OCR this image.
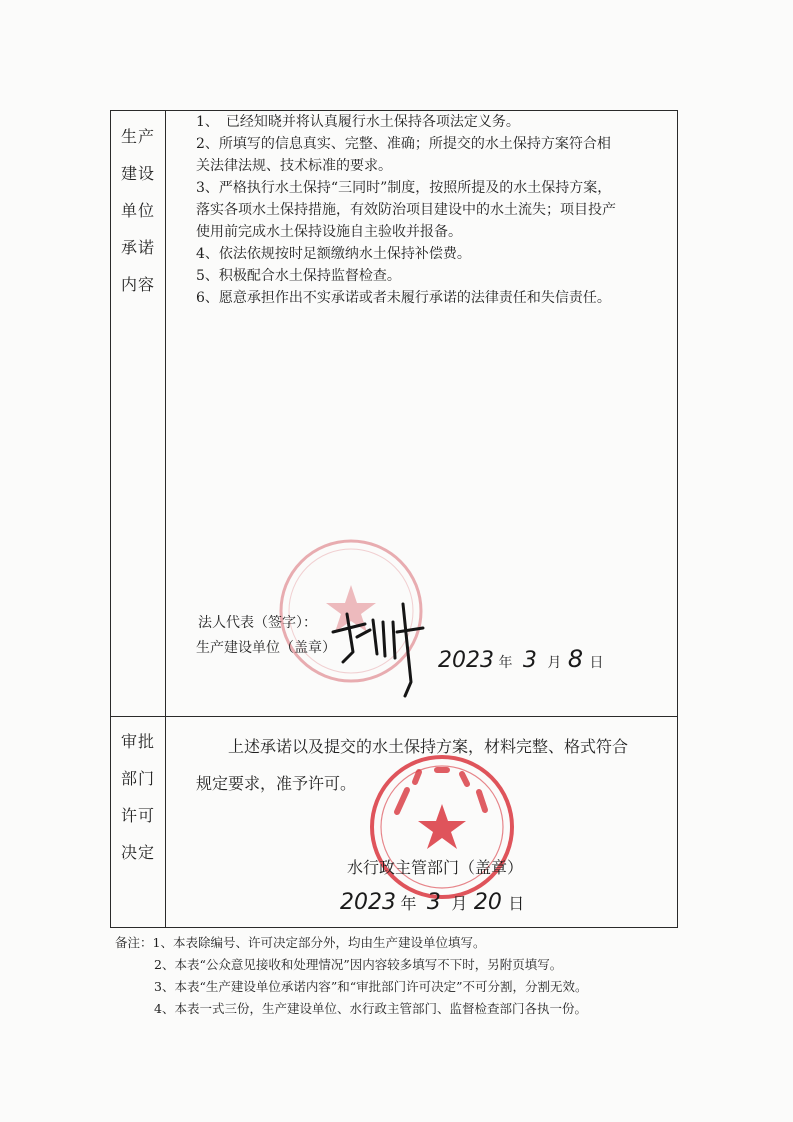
生产
建设
单位
承诺
内容
1、　已经知晓并将认真履行水土保持各项法定义务。
2、所填写的信息真实、完整、准确；所提交的水土保持方案符合相
关法律法规、技术标准的要求。
3、严格执行水土保持“三同时”制度，按照所提及的水土保持方案，
落实各项水土保持措施，有效防治项目建设中的水土流失；项目投产
使用前完成水土保持设施自主验收并报备。
4、依法依规按时足额缴纳水土保持补偿费。
5、积极配合水土保持监督检查。
6、愿意承担作出不实承诺或者未履行承诺的法律责任和失信责任。
法人代表（签字）：
生产建设单位（盖章）	2023 年 3 月 8 日
审批
部门
许可
决定
　　上述承诺以及提交的水土保持方案，材料完整、格式符合
规定要求，准予许可。
水行政主管部门（盖章）
2023 年 3 月 20 日
备注：1、本表除编号、许可决定部分外，均由生产建设单位填写。
2、本表“公众意见接收和处理情况”因内容较多填写不下时，另附页填写。
3、本表“生产建设单位承诺内容”和“审批部门许可决定”不可分割，分割无效。
4、本表一式三份，生产建设单位、水行政主管部门、监督检查部门各执一份。
